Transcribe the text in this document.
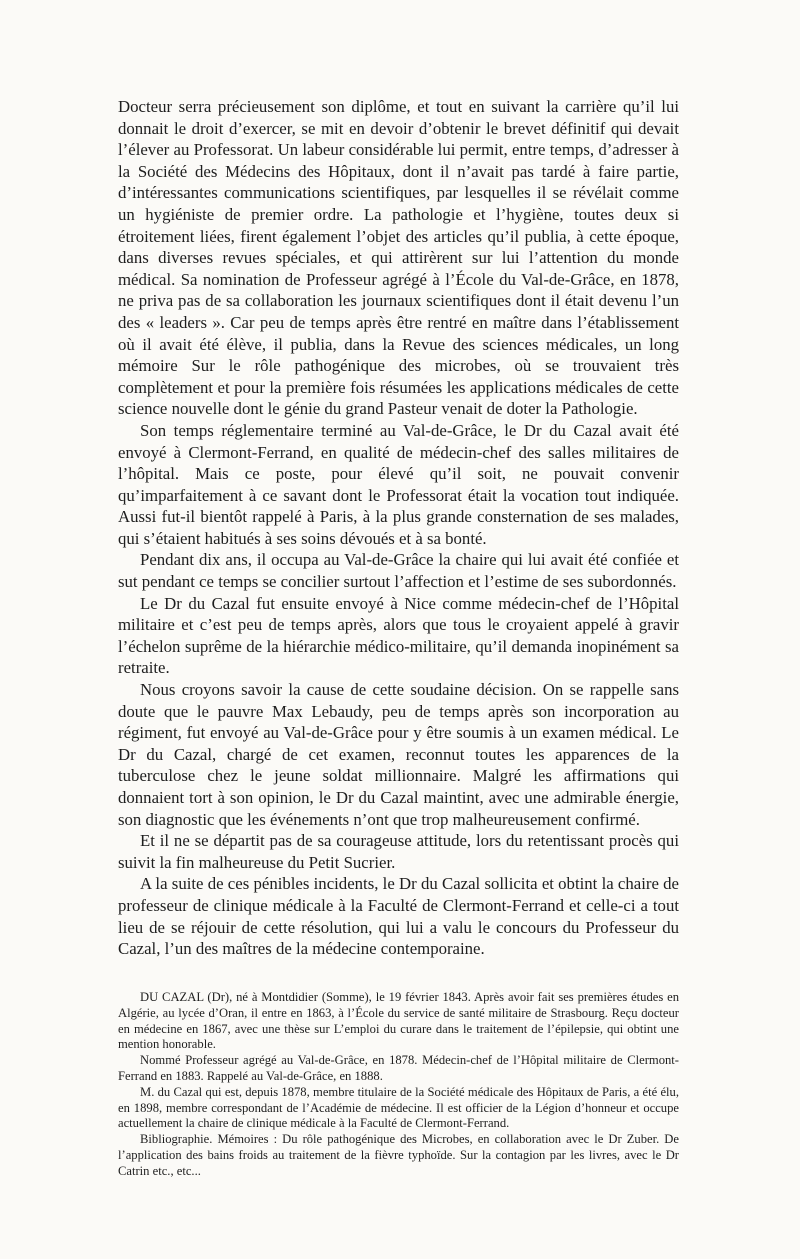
Docteur serra précieusement son diplôme, et tout en suivant la carrière qu’il lui donnait le droit d’exercer, se mit en devoir d’obtenir le brevet définitif qui devait l’élever au Professorat. Un labeur considérable lui permit, entre temps, d’adresser à la Société des Médecins des Hôpitaux, dont il n’avait pas tardé à faire partie, d’intéressantes communications scientifiques, par lesquelles il se révélait comme un hygiéniste de premier ordre. La pathologie et l’hygiène, toutes deux si étroitement liées, firent également l’objet des articles qu’il publia, à cette époque, dans diverses revues spéciales, et qui attirèrent sur lui l’attention du monde médical. Sa nomination de Professeur agrégé à l’École du Val-de-Grâce, en 1878, ne priva pas de sa collaboration les journaux scientifiques dont il était devenu l’un des « leaders ». Car peu de temps après être rentré en maître dans l’établissement où il avait été élève, il publia, dans la Revue des sciences médicales, un long mémoire Sur le rôle pathogénique des microbes, où se trouvaient très complètement et pour la première fois résumées les applications médicales de cette science nouvelle dont le génie du grand Pasteur venait de doter la Pathologie.

Son temps réglementaire terminé au Val-de-Grâce, le Dr du Cazal avait été envoyé à Clermont-Ferrand, en qualité de médecin-chef des salles militaires de l’hôpital. Mais ce poste, pour élevé qu’il soit, ne pouvait convenir qu’imparfaitement à ce savant dont le Professorat était la vocation tout indiquée. Aussi fut-il bientôt rappelé à Paris, à la plus grande consternation de ses malades, qui s’étaient habitués à ses soins dévoués et à sa bonté.

Pendant dix ans, il occupa au Val-de-Grâce la chaire qui lui avait été confiée et sut pendant ce temps se concilier surtout l’affection et l’estime de ses subordonnés.

Le Dr du Cazal fut ensuite envoyé à Nice comme médecin-chef de l’Hôpital militaire et c’est peu de temps après, alors que tous le croyaient appelé à gravir l’échelon suprême de la hiérarchie médico-militaire, qu’il demanda inopinément sa retraite.

Nous croyons savoir la cause de cette soudaine décision. On se rappelle sans doute que le pauvre Max Lebaudy, peu de temps après son incorporation au régiment, fut envoyé au Val-de-Grâce pour y être soumis à un examen médical. Le Dr du Cazal, chargé de cet examen, reconnut toutes les apparences de la tuberculose chez le jeune soldat millionnaire. Malgré les affirmations qui donnaient tort à son opinion, le Dr du Cazal maintint, avec une admirable énergie, son diagnostic que les événements n’ont que trop malheureusement confirmé.

Et il ne se départit pas de sa courageuse attitude, lors du retentissant procès qui suivit la fin malheureuse du Petit Sucrier.

A la suite de ces pénibles incidents, le Dr du Cazal sollicita et obtint la chaire de professeur de clinique médicale à la Faculté de Clermont-Ferrand et celle-ci a tout lieu de se réjouir de cette résolution, qui lui a valu le concours du Professeur du Cazal, l’un des maîtres de la médecine contemporaine.

DU CAZAL (Dr), né à Montdidier (Somme), le 19 février 1843. Après avoir fait ses premières études en Algérie, au lycée d’Oran, il entre en 1863, à l’École du service de santé militaire de Strasbourg. Reçu docteur en médecine en 1867, avec une thèse sur L’emploi du curare dans le traitement de l’épilepsie, qui obtint une mention honorable.

Nommé Professeur agrégé au Val-de-Grâce, en 1878. Médecin-chef de l’Hôpital militaire de Clermont-Ferrand en 1883. Rappelé au Val-de-Grâce, en 1888.

M. du Cazal qui est, depuis 1878, membre titulaire de la Société médicale des Hôpitaux de Paris, a été élu, en 1898, membre correspondant de l’Académie de médecine. Il est officier de la Légion d’honneur et occupe actuellement la chaire de clinique médicale à la Faculté de Clermont-Ferrand.

Bibliographie. Mémoires : Du rôle pathogénique des Microbes, en collaboration avec le Dr Zuber. De l’application des bains froids au traitement de la fièvre typhoïde. Sur la contagion par les livres, avec le Dr Catrin etc., etc...
